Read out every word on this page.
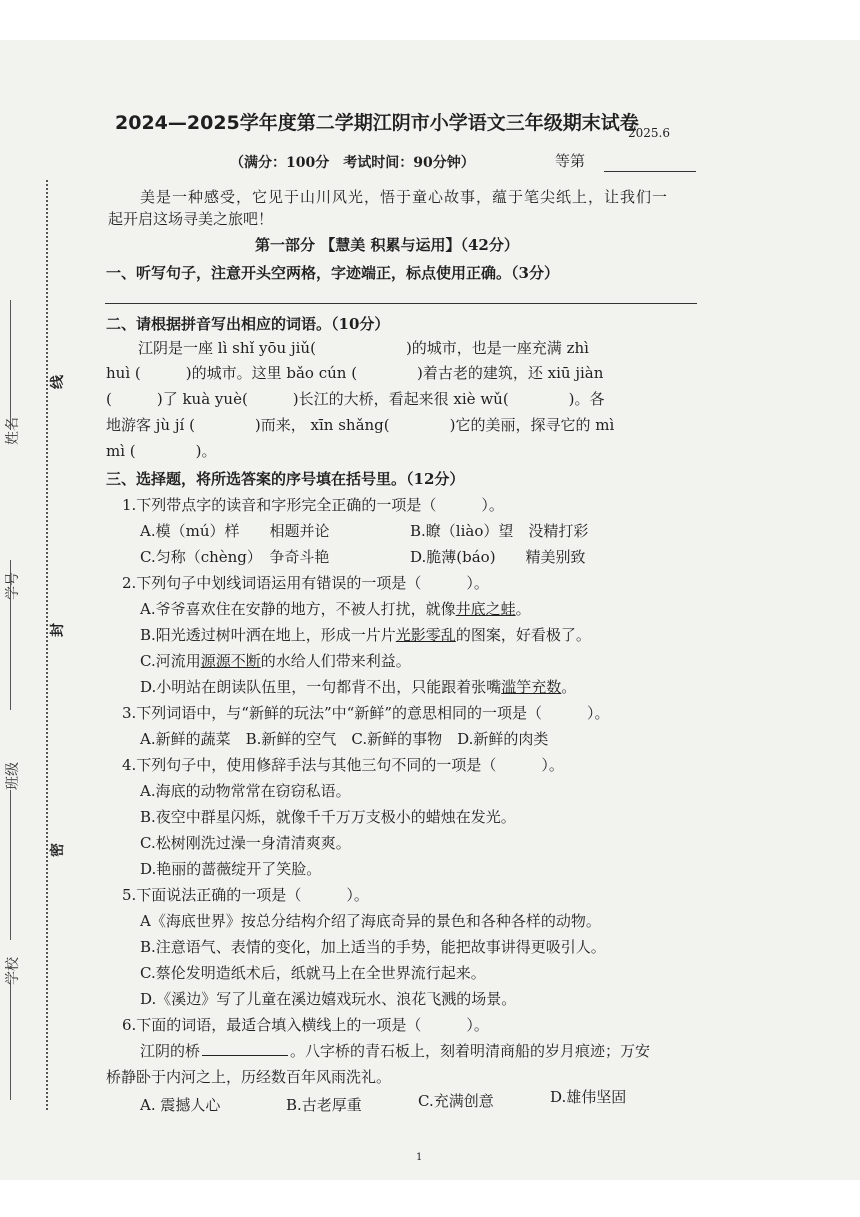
姓名
学号
班级
学校
线
封
密
2024—2025学年度第二学期江阴市小学语文三年级期末试卷
2025.6
（满分：100分　考试时间：90分钟）	等第
美是一种感受，它见于山川风光，悟于童心故事，蕴于笔尖纸上，让我们一
起开启这场寻美之旅吧！
第一部分 【慧美 积累与运用】（42分）
一、听写句子，注意开头空两格，字迹端正，标点使用正确。（3分）
二、请根据拼音写出相应的词语。（10分）
江阴是一座 lì shǐ yōu jiǔ(　　　　　　)的城市，也是一座充满 zhì
huì (　　　)的城市。这里 bǎo cún (　　　　)着古老的建筑，还 xiū jiàn
(　　　)了 kuà yuè(　　　)长江的大桥，看起来很 xiè wǔ(　　　　)。各
地游客 jù jí (　　　　)而来， xīn shǎng(　　　　)它的美丽，探寻它的 mì
mì (　　　　)。
三、选择题，将所选答案的序号填在括号里。（12分）
1.下列带点字的读音和字形完全正确的一项是（　　　）。
A.模（mú）样　　相题并论	B.瞭（liào）望　没精打彩
C.匀称（chèng）　争奇斗艳	D.脆薄(báo)　　精美别致
2.下列句子中划线词语运用有错误的一项是（　　　）。
A.爷爷喜欢住在安静的地方，不被人打扰，就像井底之蛙。
B.阳光透过树叶洒在地上，形成一片片光影零乱的图案，好看极了。
C.河流用源源不断的水给人们带来利益。
D.小明站在朗读队伍里，一句都背不出，只能跟着张嘴滥竽充数。
3.下列词语中，与“新鲜的玩法”中“新鲜”的意思相同的一项是（　　　）。
A.新鲜的蔬菜　B.新鲜的空气　C.新鲜的事物　D.新鲜的肉类
4.下列句子中，使用修辞手法与其他三句不同的一项是（　　　）。
A.海底的动物常常在窃窃私语。
B.夜空中群星闪烁，就像千千万万支极小的蜡烛在发光。
C.松树刚洗过澡一身清清爽爽。
D.艳丽的蔷薇绽开了笑脸。
5.下面说法正确的一项是（　　　）。
A《海底世界》按总分结构介绍了海底奇异的景色和各种各样的动物。
B.注意语气、表情的变化，加上适当的手势，能把故事讲得更吸引人。
C.蔡伦发明造纸术后，纸就马上在全世界流行起来。
D.《溪边》写了儿童在溪边嬉戏玩水、浪花飞溅的场景。
6.下面的词语，最适合填入横线上的一项是（　　　）。
江阴的桥	。八字桥的青石板上，刻着明清商船的岁月痕迹；万安
桥静卧于内河之上，历经数百年风雨洗礼。
A. 震撼人心	B.古老厚重	C.充满创意	D.雄伟坚固
1
